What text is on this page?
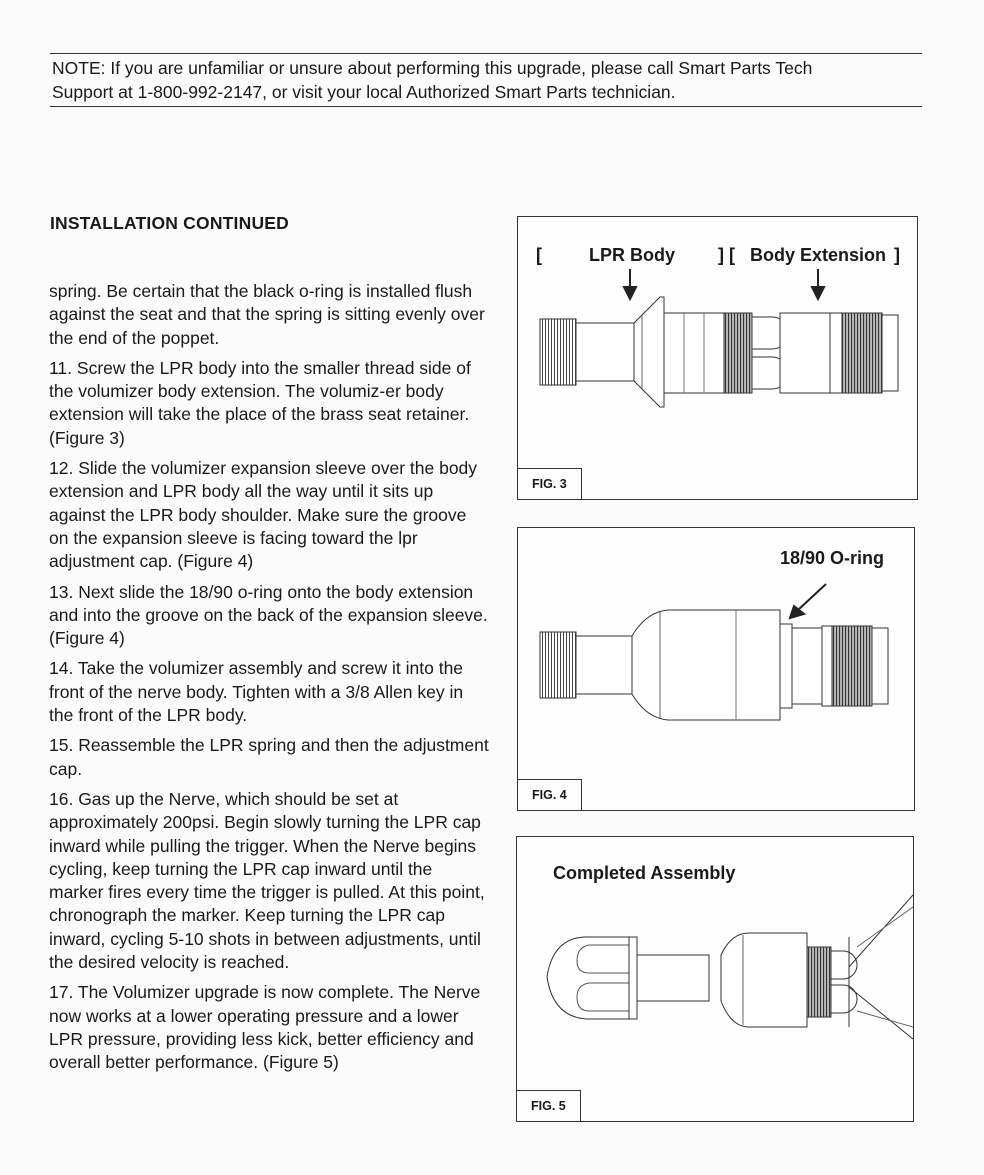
NOTE: If you are unfamiliar or unsure about performing this upgrade, please call Smart Parts Tech
Support at 1-800-992-2147, or visit your local Authorized Smart Parts technician.
INSTALLATION CONTINUED

spring. Be certain that the black o-ring is installed flush against the seat and that the spring is sitting evenly over the end of the poppet.

11. Screw the LPR body into the smaller thread side of the volumizer body extension. The volumiz-er body extension will take the place of the brass seat retainer. (Figure 3)

12. Slide the volumizer expansion sleeve over the body extension and LPR body all the way until it sits up against the LPR body shoulder. Make sure the groove on the expansion sleeve is facing toward the lpr adjustment cap. (Figure 4)

13. Next slide the 18/90 o-ring onto the body extension and into the groove on the back of the expansion sleeve. (Figure 4)

14. Take the volumizer assembly and screw it into the front of the nerve body. Tighten with a 3/8 Allen key in the front of the LPR body.

15. Reassemble the LPR spring and then the adjustment cap.

16. Gas up the Nerve, which should be set at approximately 200psi. Begin slowly turning the LPR cap inward while pulling the trigger. When the Nerve begins cycling, keep turning the LPR cap inward until the marker fires every time the trigger is pulled. At this point, chronograph the marker. Keep turning the LPR cap inward, cycling 5-10 shots in between adjustments, until the desired velocity is reached.

17. The Volumizer upgrade is now complete. The Nerve now works at a lower operating pressure and a lower LPR pressure, providing less kick, better efficiency and overall better performance. (Figure 5)

[	LPR Body ] [ Body Extension ]
FIG. 3
18/90 O-ring
FIG. 4
Completed Assembly
FIG. 5
